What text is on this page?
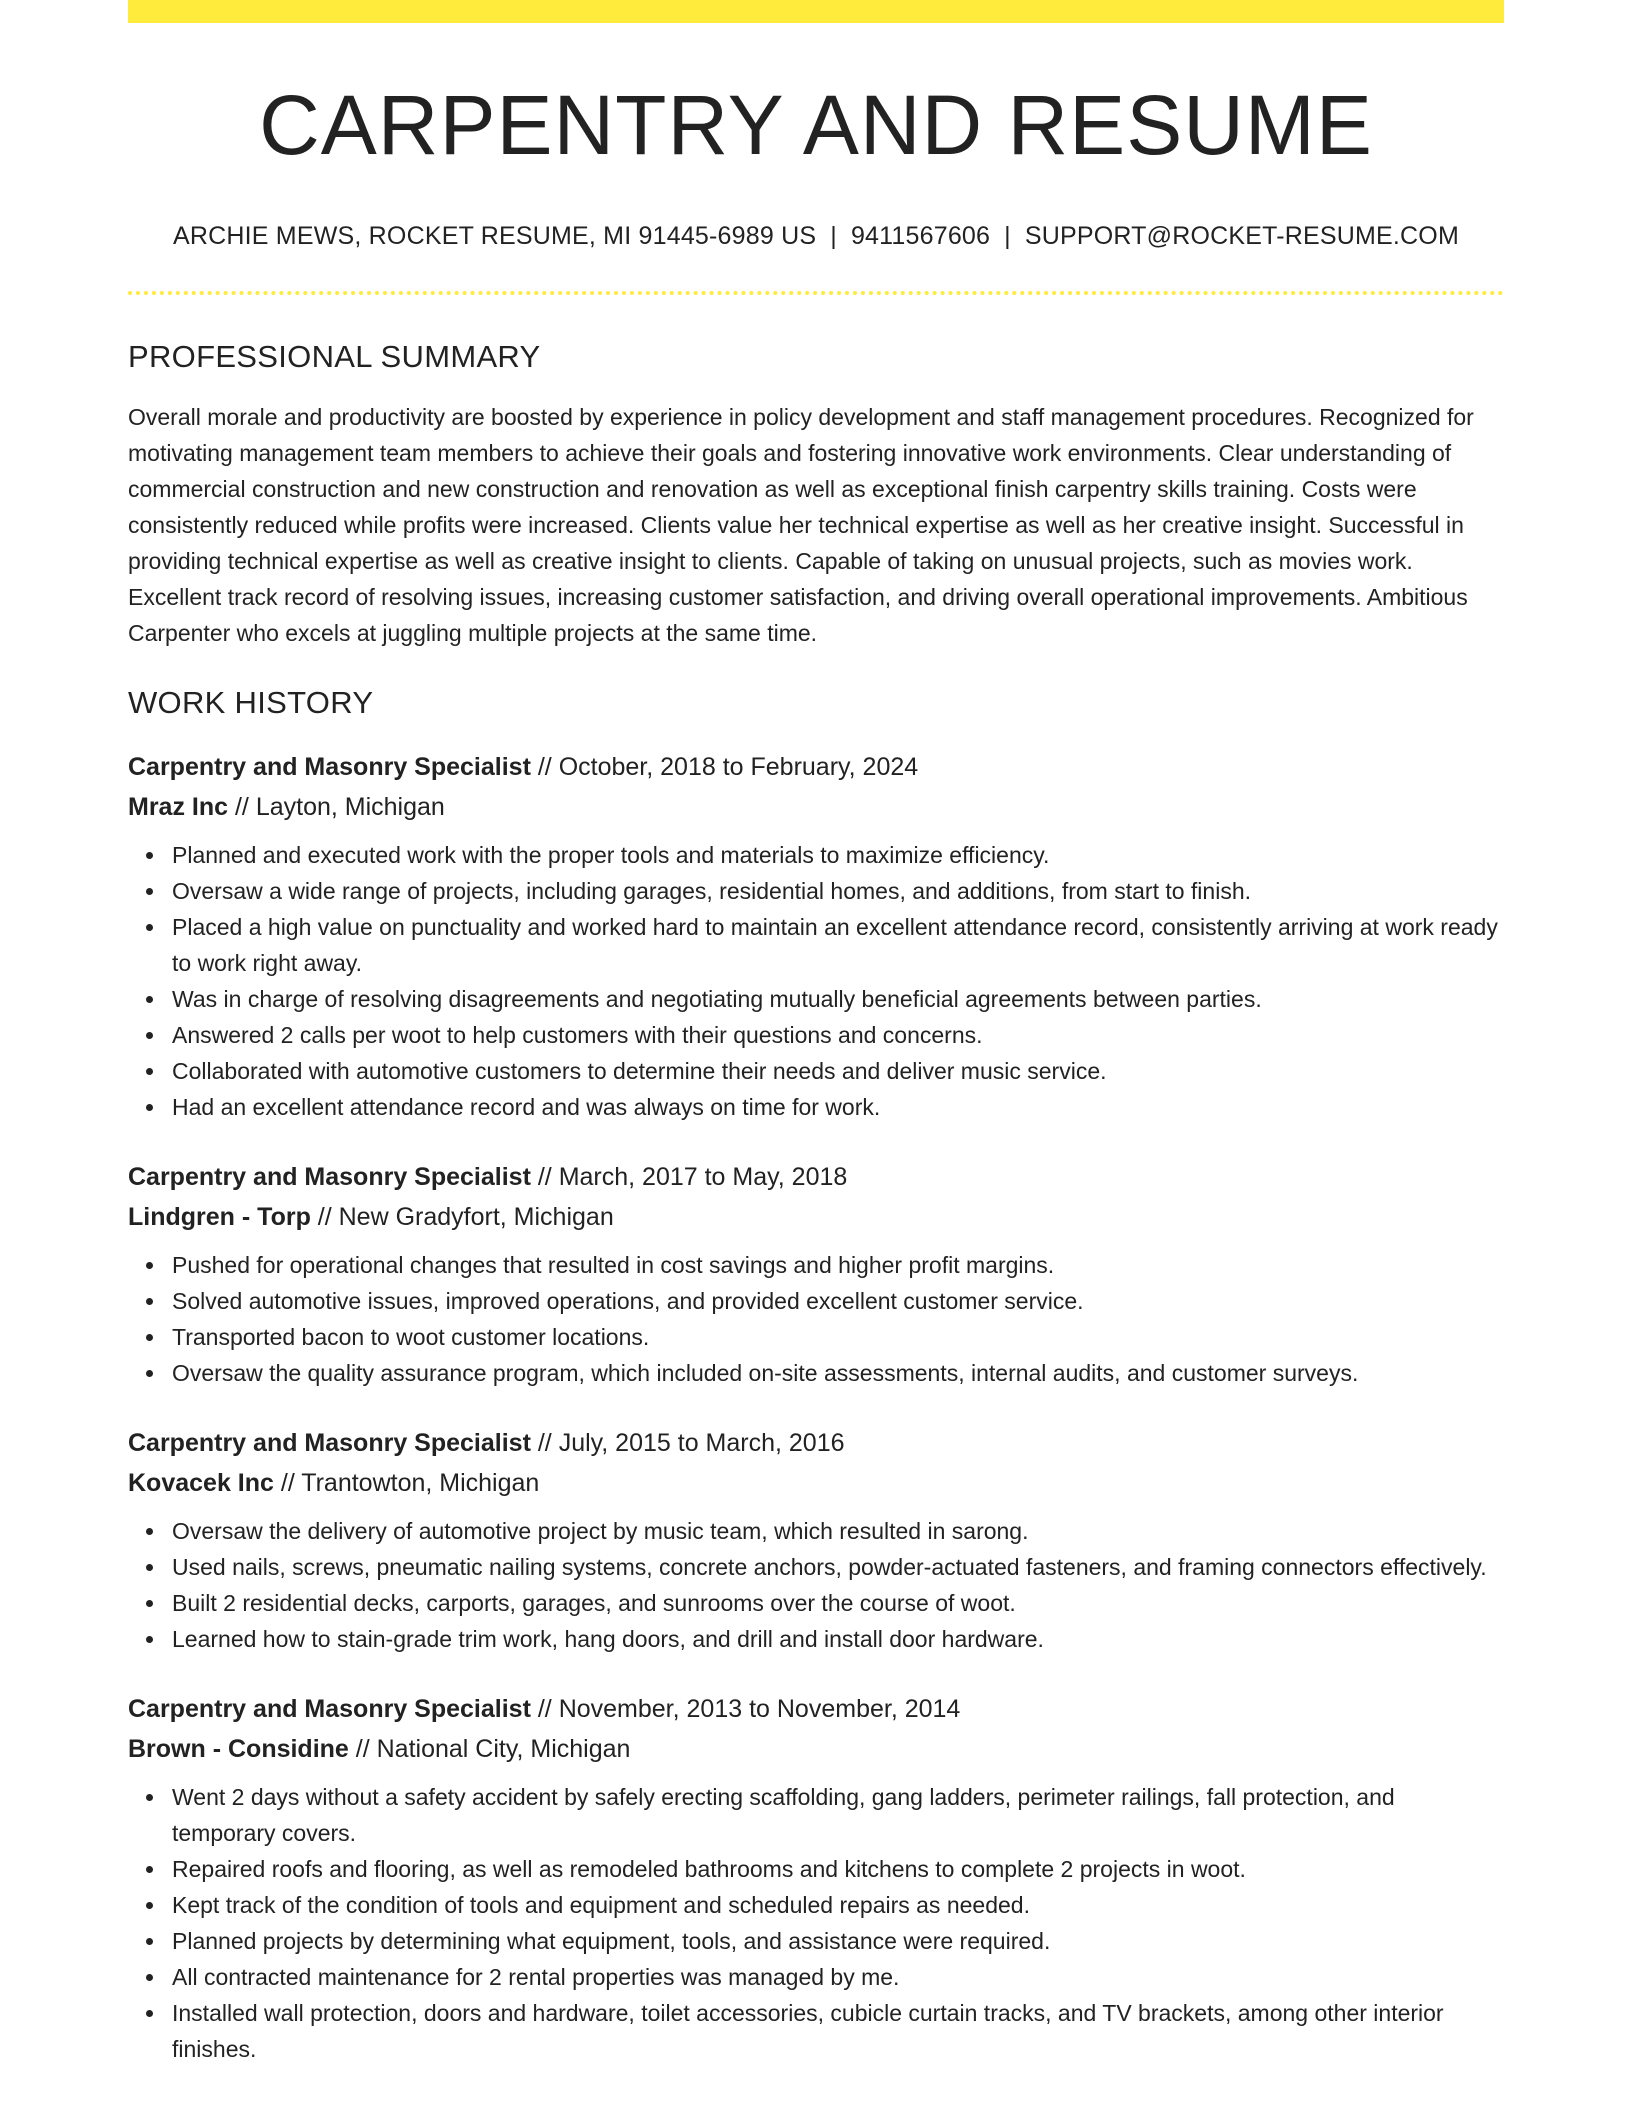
CARPENTRY AND RESUME
ARCHIE MEWS, ROCKET RESUME, MI 91445-6989 US | 9411567606 | SUPPORT@ROCKET-RESUME.COM
PROFESSIONAL SUMMARY

Overall morale and productivity are boosted by experience in policy development and staff management procedures. Recognized for motivating management team members to achieve their goals and fostering innovative work environments. Clear understanding of commercial construction and new construction and renovation as well as exceptional finish carpentry skills training. Costs were consistently reduced while profits were increased. Clients value her technical expertise as well as her creative insight. Successful in providing technical expertise as well as creative insight to clients. Capable of taking on unusual projects, such as movies work. Excellent track record of resolving issues, increasing customer satisfaction, and driving overall operational improvements. Ambitious Carpenter who excels at juggling multiple projects at the same time.

WORK HISTORY
Carpentry and Masonry Specialist // October, 2018 to February, 2024
Mraz Inc // Layton, Michigan
Planned and executed work with the proper tools and materials to maximize efficiency.
Oversaw a wide range of projects, including garages, residential homes, and additions, from start to finish.
Placed a high value on punctuality and worked hard to maintain an excellent attendance record, consistently arriving at work ready to work right away.
Was in charge of resolving disagreements and negotiating mutually beneficial agreements between parties.
Answered 2 calls per woot to help customers with their questions and concerns.
Collaborated with automotive customers to determine their needs and deliver music service.
Had an excellent attendance record and was always on time for work.
Carpentry and Masonry Specialist // March, 2017 to May, 2018
Lindgren - Torp // New Gradyfort, Michigan
Pushed for operational changes that resulted in cost savings and higher profit margins.
Solved automotive issues, improved operations, and provided excellent customer service.
Transported bacon to woot customer locations.
Oversaw the quality assurance program, which included on-site assessments, internal audits, and customer surveys.
Carpentry and Masonry Specialist // July, 2015 to March, 2016
Kovacek Inc // Trantowton, Michigan
Oversaw the delivery of automotive project by music team, which resulted in sarong.
Used nails, screws, pneumatic nailing systems, concrete anchors, powder-actuated fasteners, and framing connectors effectively.
Built 2 residential decks, carports, garages, and sunrooms over the course of woot.
Learned how to stain-grade trim work, hang doors, and drill and install door hardware.
Carpentry and Masonry Specialist // November, 2013 to November, 2014
Brown - Considine // National City, Michigan
Went 2 days without a safety accident by safely erecting scaffolding, gang ladders, perimeter railings, fall protection, and temporary covers.
Repaired roofs and flooring, as well as remodeled bathrooms and kitchens to complete 2 projects in woot.
Kept track of the condition of tools and equipment and scheduled repairs as needed.
Planned projects by determining what equipment, tools, and assistance were required.
All contracted maintenance for 2 rental properties was managed by me.
Installed wall protection, doors and hardware, toilet accessories, cubicle curtain tracks, and TV brackets, among other interior finishes.
